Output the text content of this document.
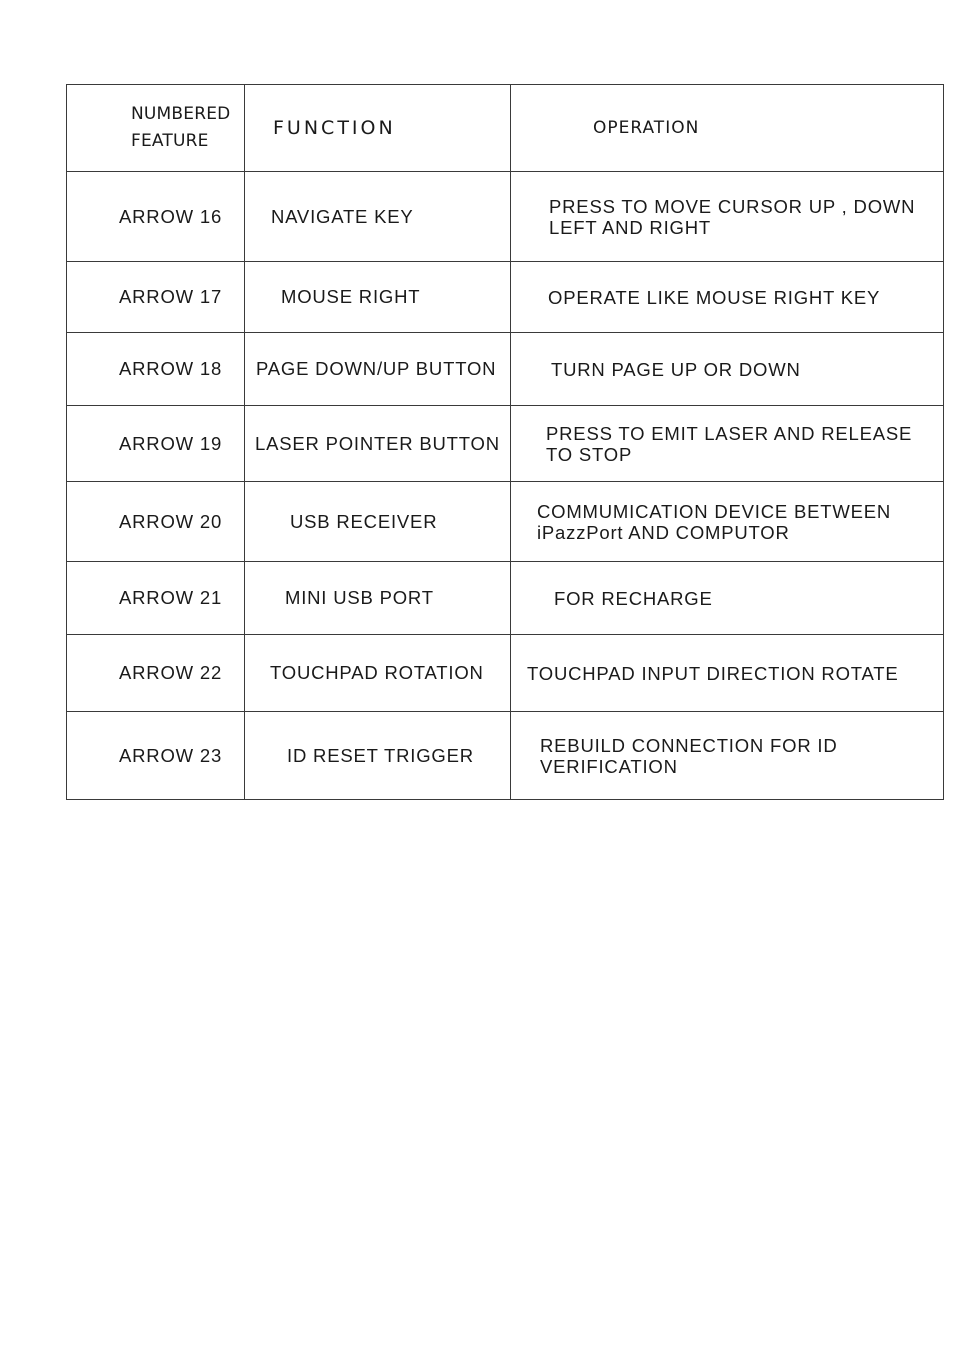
NUMBERED
FEATURE	FUNCTION	OPERATION
ARROW 16	NAVIGATE KEY	PRESS TO MOVE CURSOR UP , DOWN
LEFT AND RIGHT

ARROW 17	MOUSE RIGHT	OPERATE LIKE MOUSE RIGHT KEY

ARROW 18	PAGE DOWN/UP BUTTON	TURN PAGE UP OR DOWN

ARROW 19	LASER POINTER BUTTON	PRESS TO EMIT LASER AND RELEASE
TO STOP

ARROW 20	USB RECEIVER	COMMUMICATION DEVICE BETWEEN
iPazzPort AND COMPUTOR

ARROW 21	MINI USB PORT	FOR RECHARGE

ARROW 22	TOUCHPAD ROTATION	TOUCHPAD INPUT DIRECTION ROTATE

ARROW 23	ID RESET TRIGGER	REBUILD CONNECTION FOR ID
VERIFICATION
